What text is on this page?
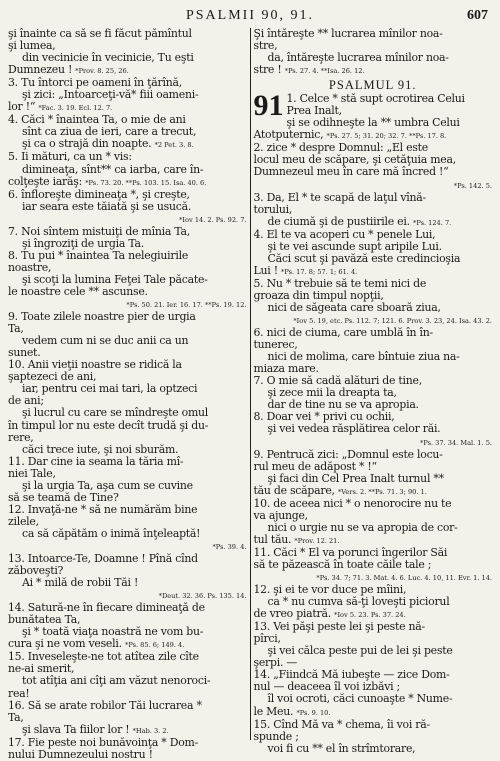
PSALMII 90, 91.	607
şi înainte ca să se fi făcut pămîntul
şi lumea,
din vecinicie în vecinicie, Tu eşti
Dumnezeu ! *Prov. 8. 25, 26.
3. Tu întorci pe oameni în ţărînă,
şi zici: „Intoarceţi-vă* fiii oameni-
lor !“ *Fac. 3. 19. Ecl. 12. 7.
4. Căci * înaintea Ta, o mie de ani
sînt ca ziua de ieri, care a trecut,
şi ca o strajă din noapte. *2 Pet. 3. 8.
5. Ii mături, ca un * vis:
dimineaţa, sînt** ca iarba, care în-
colţeşte iarăş: *Ps. 73. 20. **Ps. 103. 15. Isa. 40. 6.
6. înfloreşte dimineaţa *, şi creşte,
iar seara este tăiată şi se usucă.
*Iov 14. 2. Ps. 92. 7.
7. Noi sîntem mistuiţi de mînia Ta,
şi îngroziţi de urgia Ta.
8. Tu pui * înaintea Ta nelegiuirile
noastre,
şi scoţi la lumina Feţei Tale păcate-
le noastre cele ** ascunse.
*Ps. 50. 21. Ier. 16. 17. **Ps. 19. 12.
9. Toate zilele noastre pier de urgia
Ta,
vedem cum ni se duc anii ca un
sunet.
10. Anii vieţii noastre se ridică la
şaptezeci de ani,
iar, pentru cei mai tari, la optzeci
de ani;
şi lucrul cu care se mîndreşte omul
în timpul lor nu este decît trudă şi du-
rere,
căci trece iute, şi noi sburăm.
11. Dar cine ia seama la tăria mî-
niei Tale,
şi la urgia Ta, aşa cum se cuvine
să se teamă de Tine?
12. Invaţă-ne * să ne numărăm bine
zilele,
ca să căpătăm o inimă înţeleaptă!
*Ps. 39. 4.
13. Intoarce-Te, Doamne ! Pînă cînd
zăboveşti?
Ai * milă de robii Tăi !
*Deut. 32. 36. Ps. 135. 14.
14. Satură-ne în fiecare dimineaţă de
bunătatea Ta,
şi * toată viaţa noastră ne vom bu-
cura şi ne vom veseli. *Ps. 85. 6; 149. 4.
15. Inveseleşte-ne tot atîtea zile cîte
ne-ai smerit,
tot atîţia ani cîţi am văzut nenoroci-
rea!
16. Să se arate robilor Tăi lucrarea *
Ta,
şi slava Ta fiilor lor ! *Hab. 3. 2.
17. Fie peste noi bunăvoinţa * Dom-
nului Dumnezeului nostru !
Şi întăreşte ** lucrarea mînilor noa-
stre,
da, întăreşte lucrarea mînilor noa-
stre ! *Ps. 27. 4. **Isa. 26. 12.
PSALMUL 91.
91 1. Celce * stă supt ocrotirea Celui
Prea Inalt,
şi se odihneşte la ** umbra Celui
Atotputernic, *Ps. 27. 5; 31. 20; 32. 7. **Ps. 17. 8.
2. zice * despre Domnul: „El este
locul meu de scăpare, şi cetăţuia mea,
Dumnezeul meu în care mă încred !“
*Ps. 142. 5.
3. Da, El * te scapă de laţul vînă-
torului,
de ciumă şi de pustiirile ei. *Ps. 124. 7.
4. El te va acoperi cu * penele Lui,
şi te vei ascunde supt aripile Lui.
Căci scut şi pavăză este credincioşia
Lui ! *Ps. 17. 8; 57. 1; 61. 4.
5. Nu * trebuie să te temi nici de
groaza din timpul nopţii,
nici de săgeata care sboară ziua,
*Iov 5. 19, etc. Ps. 112. 7; 121. 6. Prov. 3. 23, 24. Isa. 43. 2.
6. nici de ciuma, care umblă în în-
tunerec,
nici de molima, care bîntuie ziua na-
miaza mare.
7. O mie să cadă alături de tine,
şi zece mii la dreapta ta,
dar de tine nu se va apropia.
8. Doar vei * privi cu ochii,
şi vei vedea răsplătirea celor răi.
*Ps. 37. 34. Mal. 1. 5.
9. Pentrucă zici: „Domnul este locu-
rul meu de adăpost * !“
şi faci din Cel Prea Inalt turnul **
tău de scăpare, *Vers. 2. **Ps. 71. 3; 90. 1.
10. de aceea nici * o nenorocire nu te
va ajunge,
nici o urgie nu se va apropia de cor-
tul tău. *Prov. 12. 21.
11. Căci * El va porunci îngerilor Săi
să te păzească în toate căile tale ;
*Ps. 34. 7; 71. 3. Mat. 4. 6. Luc. 4. 10, 11. Evr. 1. 14.
12. şi ei te vor duce pe mîini,
ca * nu cumva să-ţi loveşti piciorul
de vreo piatră. *Iov 5. 23. Ps. 37. 24.
13. Vei păşi peste lei şi peste nă-
pîrci,
şi vei călca peste pui de lei şi peste
şerpi. —
14. „Fiindcă Mă iubeşte — zice Dom-
nul — deaceea îl voi izbăvi ;
îl voi ocroti, căci cunoaşte * Nume-
le Meu. *Ps. 9. 10.
15. Cînd Mă va * chema, îi voi ră-
spunde ;
voi fi cu ** el în strîmtorare,
